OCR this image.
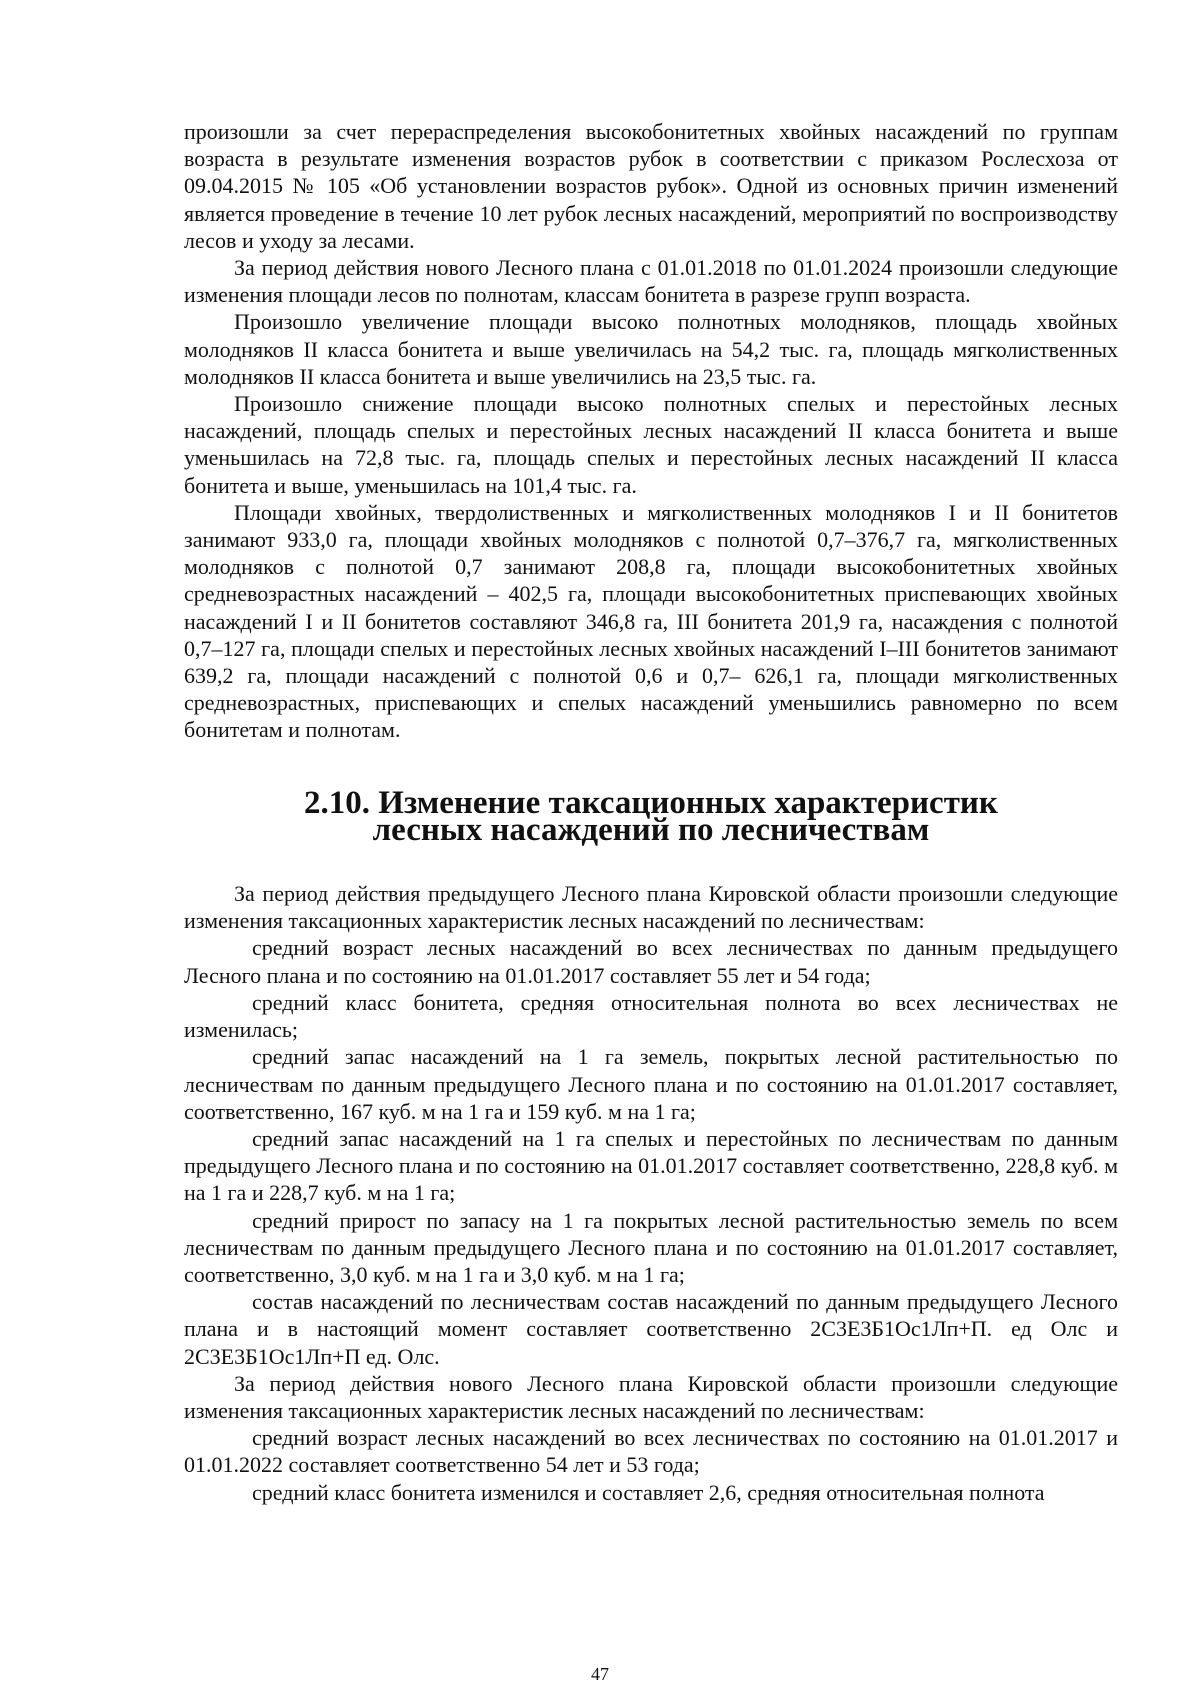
произошли за счет перераспределения высокобонитетных хвойных насаждений по группам возраста в результате изменения возрастов рубок в соответствии с приказом Рослесхоза от 09.04.2015 № 105 «Об установлении возрастов рубок». Одной из основных причин изменений является проведение в течение 10 лет рубок лесных насаждений, мероприятий по воспроизводству лесов и уходу за лесами.

За период действия нового Лесного плана с 01.01.2018 по 01.01.2024 произошли следующие изменения площади лесов по полнотам, классам бонитета в разрезе групп возраста.

Произошло увеличение площади высоко полнотных молодняков, площадь хвойных молодняков II класса бонитета и выше увеличилась на 54,2 тыс. га, площадь мягколиственных молодняков II класса бонитета и выше увеличились на 23,5 тыс. га.

Произошло снижение площади высоко полнотных спелых и перестойных лесных насаждений, площадь спелых и перестойных лесных насаждений II класса бонитета и выше уменьшилась на 72,8 тыс. га, площадь спелых и перестойных лесных насаждений II класса бонитета и выше, уменьшилась на 101,4 тыс. га.

Площади хвойных, твердолиственных и мягколиственных молодняков I и II бонитетов занимают 933,0 га, площади хвойных молодняков с полнотой 0,7–376,7 га, мягколиственных молодняков с полнотой 0,7 занимают 208,8 га, площади высокобонитетных хвойных средневозрастных насаждений – 402,5 га, площади высокобонитетных приспевающих хвойных насаждений I и II бонитетов составляют 346,8 га, III бонитета 201,9 га, насаждения с полнотой 0,7–127 га, площади спелых и перестойных лесных хвойных насаждений I–III бонитетов занимают 639,2 га, площади насаждений с полнотой 0,6 и 0,7– 626,1 га, площади мягколиственных средневозрастных, приспевающих и спелых насаждений уменьшились равномерно по всем бонитетам и полнотам.

2.10. Изменение таксационных характеристик
лесных насаждений по лесничествам

За период действия предыдущего Лесного плана Кировской области произошли следующие изменения таксационных характеристик лесных насаждений по лесничествам:

средний возраст лесных насаждений во всех лесничествах по данным предыдущего Лесного плана и по состоянию на 01.01.2017 составляет 55 лет и 54 года;

средний класс бонитета, средняя относительная полнота во всех лесничествах не изменилась;

средний запас насаждений на 1 га земель, покрытых лесной растительностью по лесничествам по данным предыдущего Лесного плана и по состоянию на 01.01.2017 составляет, соответственно, 167 куб. м на 1 га и 159 куб. м на 1 га;

средний запас насаждений на 1 га спелых и перестойных по лесничествам по данным предыдущего Лесного плана и по состоянию на 01.01.2017 составляет соответственно, 228,8 куб. м на 1 га и 228,7 куб. м на 1 га;

средний прирост по запасу на 1 га покрытых лесной растительностью земель по всем лесничествам по данным предыдущего Лесного плана и по состоянию на 01.01.2017 составляет, соответственно, 3,0 куб. м на 1 га и 3,0 куб. м на 1 га;

состав насаждений по лесничествам состав насаждений по данным предыдущего Лесного плана и в настоящий момент составляет соответственно 2С3Е3Б1Ос1Лп+П. ед Олс и 2С3Е3Б1Ос1Лп+П ед. Олс.

За период действия нового Лесного плана Кировской области произошли следующие изменения таксационных характеристик лесных насаждений по лесничествам:

средний возраст лесных насаждений во всех лесничествах по состоянию на 01.01.2017 и 01.01.2022 составляет соответственно 54 лет и 53 года;

средний класс бонитета изменился и составляет 2,6, средняя относительная полнота

47
